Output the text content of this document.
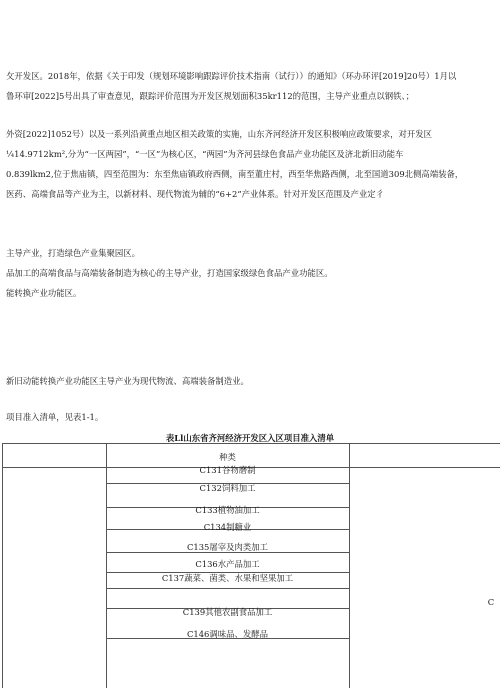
攵开发区。2018年，依据《关于印发（规划环境影响跟踪评价技术指南（试行））的通知》（环办环评[2019]20号）1月以
鲁环审[2022]5号出具了审查意见，跟踪评价范围为开发区规划面积35kr112的范围，主导产业重点以钢铁、；
外资[2022]1052号）以及一系列沿黄重点地区相关政策的实施，山东齐河经济开发区积极响应政策要求，对开发区
¼14.9712km²,分为“一区两园”，“一区”为核心区，“两园”为齐河县绿色食品产业功能区及济北新旧动能车
0.839lkm2,位于焦庙镇，四至范围为：东至焦庙镇政府西侧，南至董庄村，西至华焦路西侧，北至国道309北侧高端装备，
医药、高端食品等产业为主，以新材料、现代物流为辅的“6+2”产业体系。针对开发区范围及产业定彳
主导产业，打造绿色产业集聚园区。
品加工的高端食品与高端装备制造为核心的主导产业，打造国家级绿色食品产业功能区。
能转换产业功能区。
新旧动能转换产业功能区主导产业为现代物流、高端装备制造业。
项目准入清单，见表1-1。
表Ll山东省齐河经济开发区入区项目准入清单
种类
C131谷物磨制
C132饲料加工
C133植物油加工
C134制糖业
C135屠宰及肉类加工
C136水产品加工
C137蔬菜、菌类、水果和坚果加工
C139其他农副食品加工
C146调味品、发酵品
C
